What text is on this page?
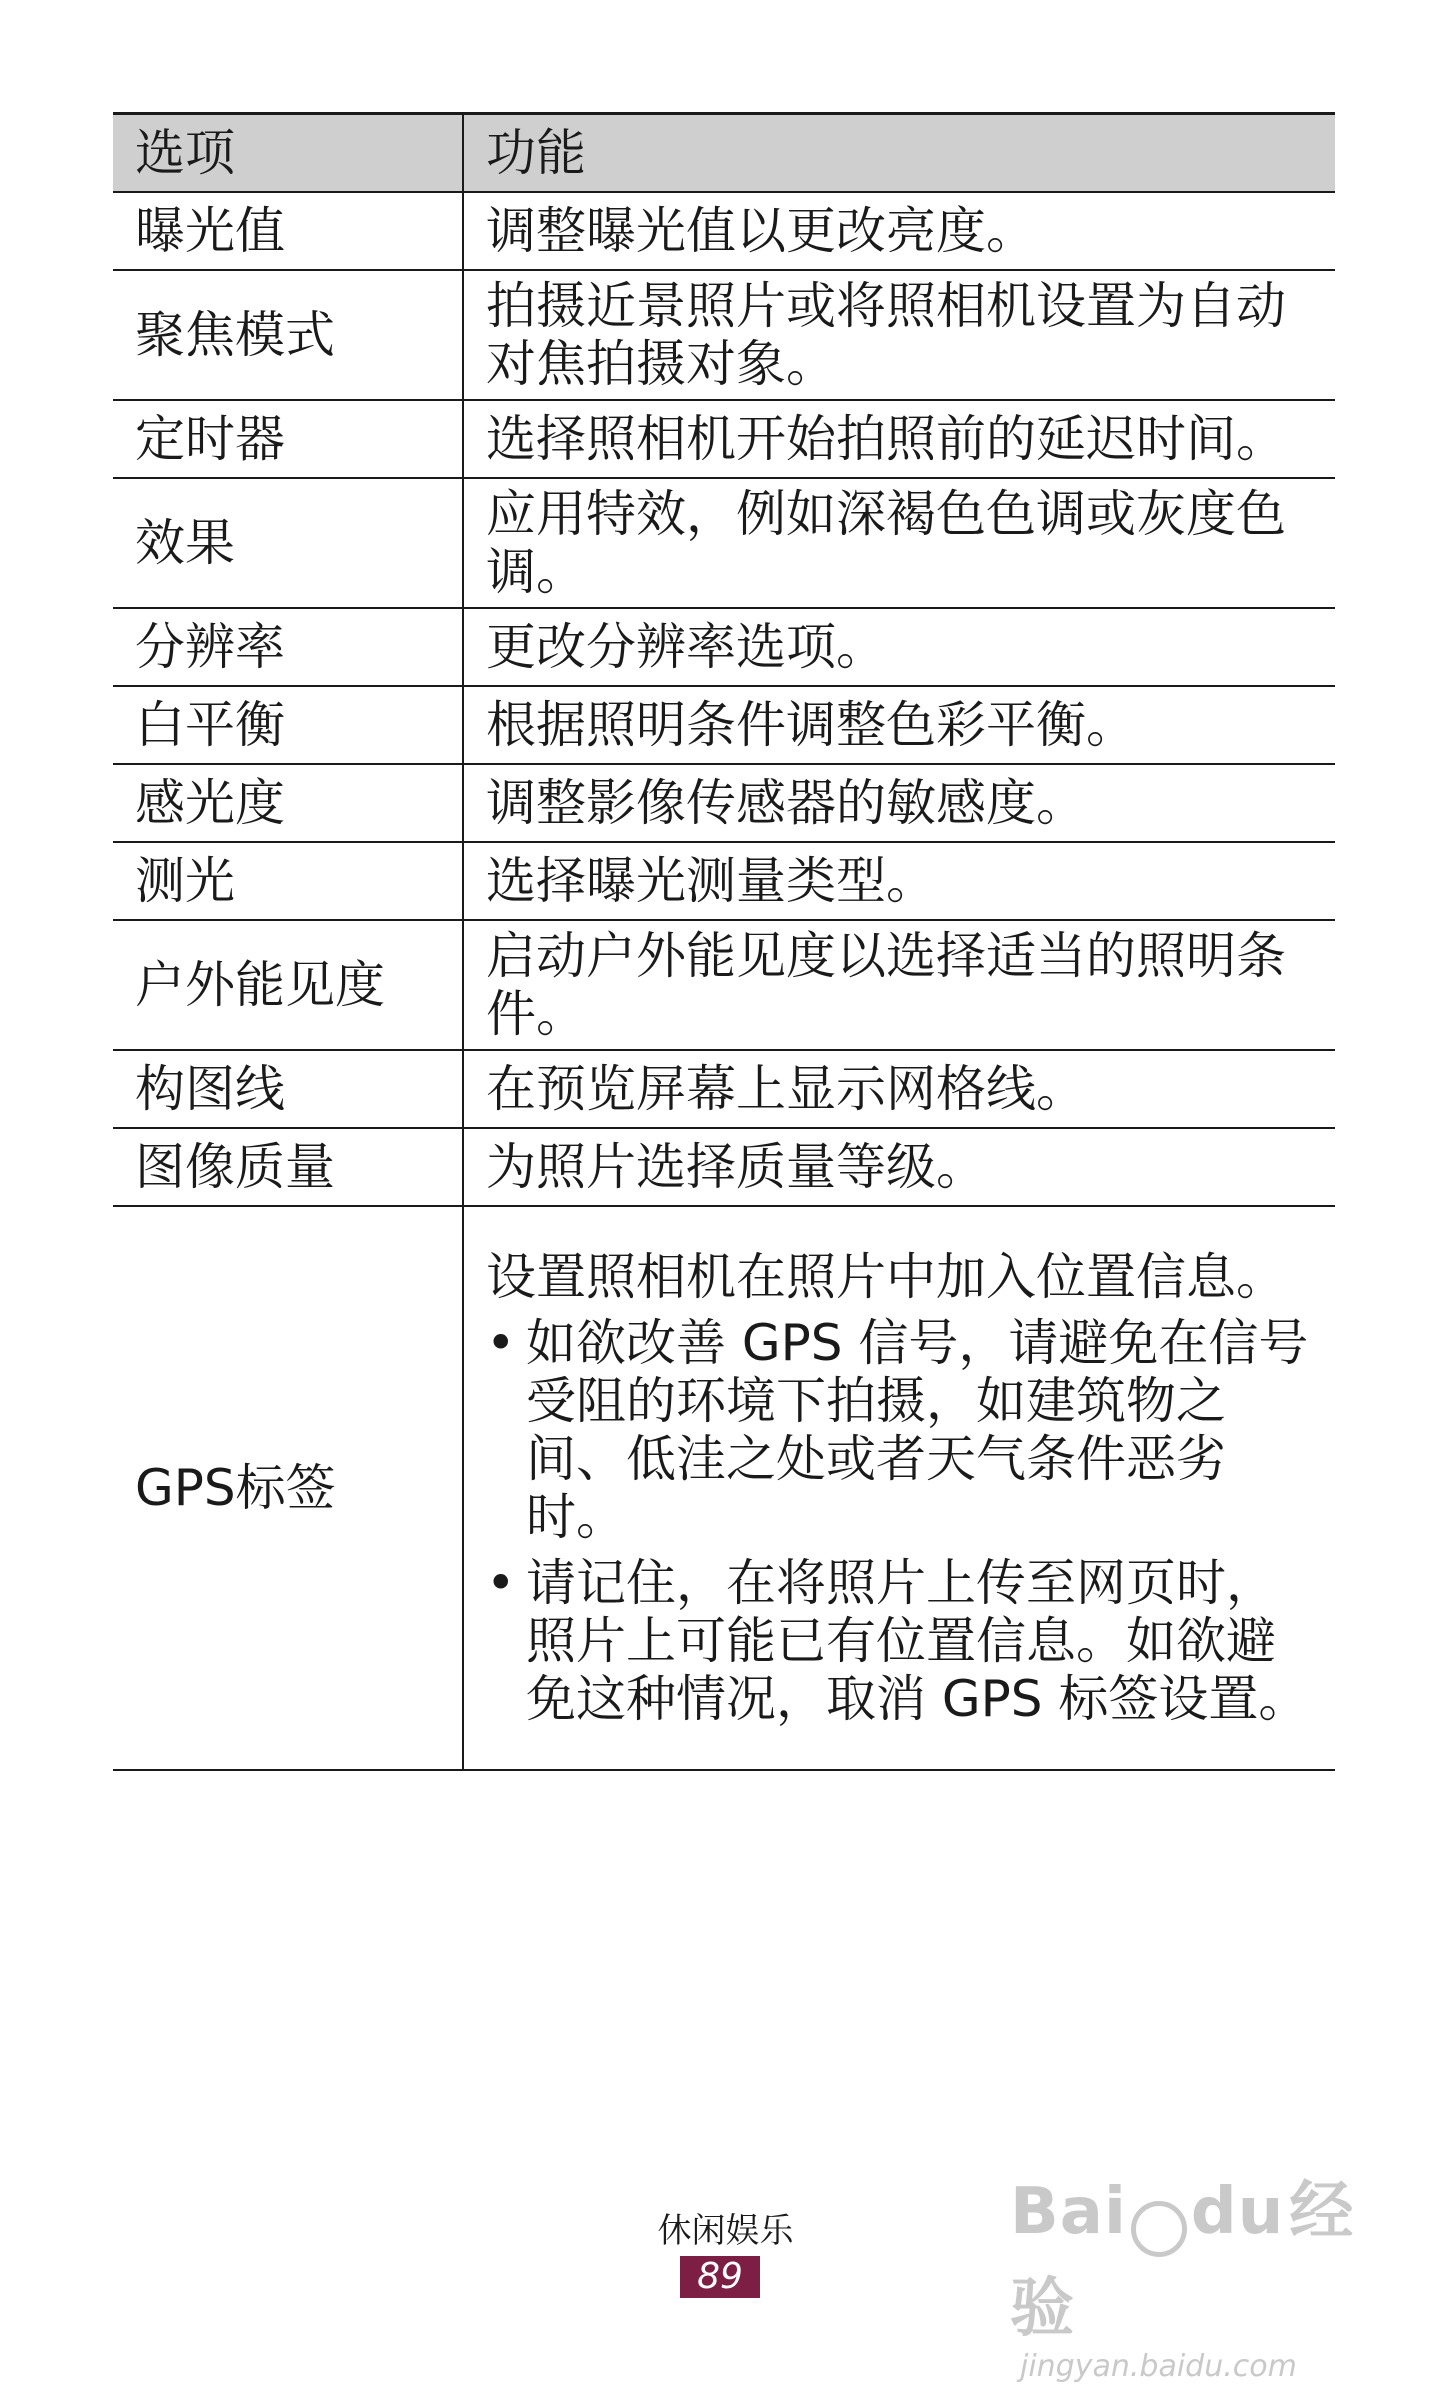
选项	功能
曝光值	调整曝光值以更改亮度。
聚焦模式	拍摄近景照片或将照相机设置为自动对焦拍摄对象。
定时器	选择照相机开始拍照前的延迟时间。
效果	应用特效，例如深褐色色调或灰度色调。
分辨率	更改分辨率选项。
白平衡	根据照明条件调整色彩平衡。
感光度	调整影像传感器的敏感度。
测光	选择曝光测量类型。
户外能见度	启动户外能见度以选择适当的照明条件。
构图线	在预览屏幕上显示网格线。
图像质量	为照片选择质量等级。
GPS标签	设置照相机在照片中加入位置信息。
• 如欲改善 GPS 信号，请避免在信号受阻的环境下拍摄，如建筑物之间、低洼之处或者天气条件恶劣时。
• 请记住，在将照片上传至网页时，照片上可能已有位置信息。如欲避免这种情况，取消 GPS 标签设置。
休闲娱乐
89
Bai du 经验
jingyan.baidu.com
